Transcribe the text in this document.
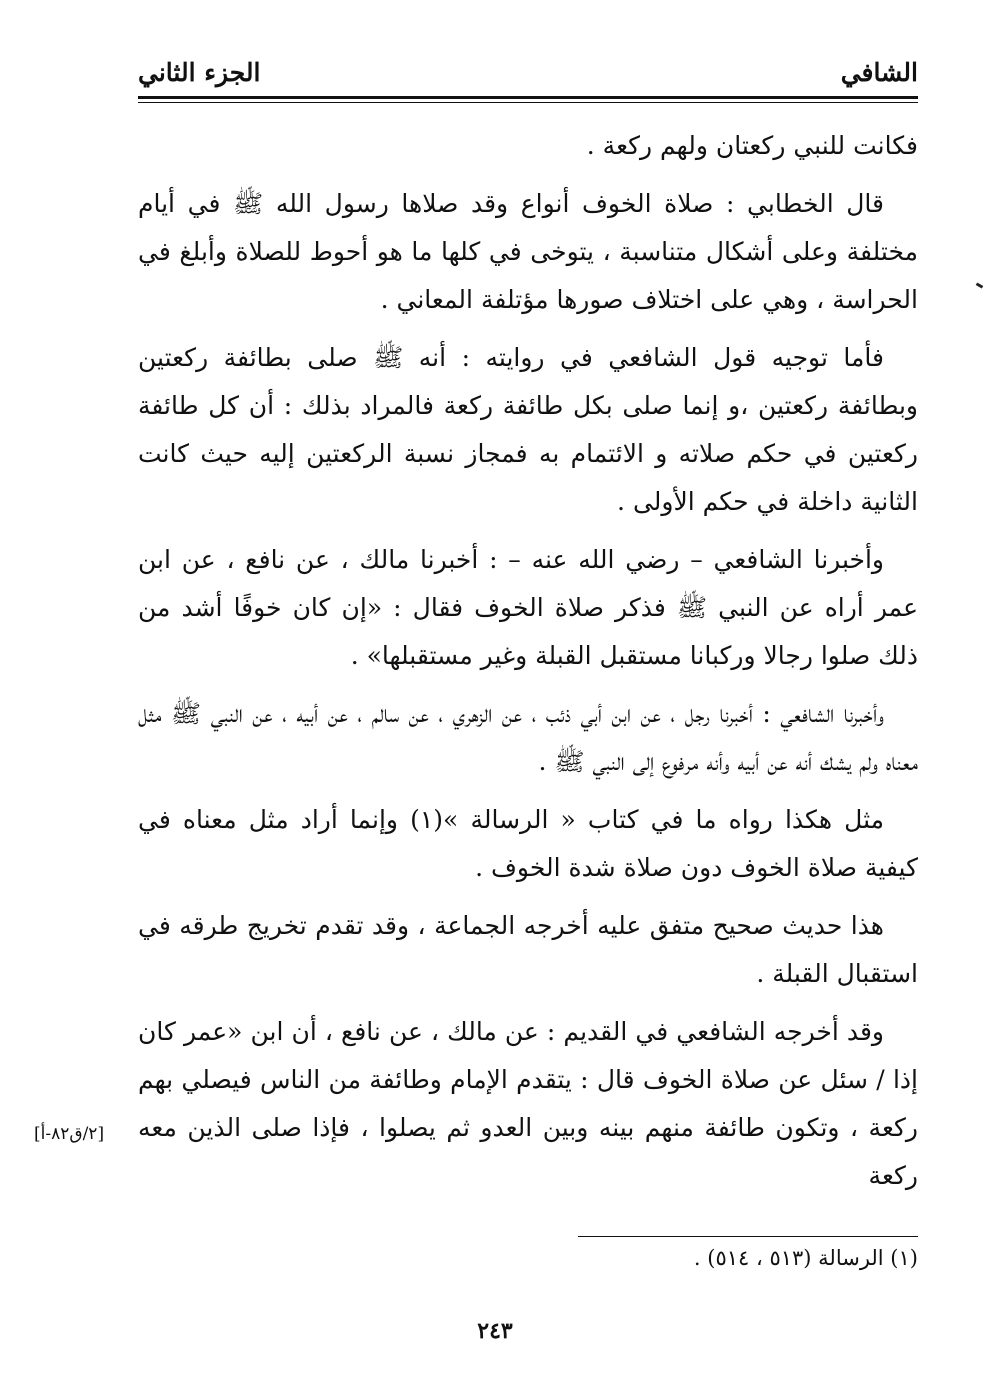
الشافي
الجزء الثاني

فكانت للنبي ركعتان ولهم ركعة .

قال الخطابي : صلاة الخوف أنواع وقد صلاها رسول الله ﷺ في أيام مختلفة وعلى أشكال متناسبة ، يتوخى في كلها ما هو أحوط للصلاة وأبلغ في الحراسة ، وهي على اختلاف صورها مؤتلفة المعاني .

فأما توجيه قول الشافعي في روايته : أنه ﷺ صلى بطائفة ركعتين وبطائفة ركعتين ،و إنما صلى بكل طائفة ركعة فالمراد بذلك : أن كل طائفة ركعتين في حكم صلاته و الائتمام به فمجاز نسبة الركعتين إليه حيث كانت الثانية داخلة في حكم الأولى .

وأخبرنا الشافعي – رضي الله عنه – : أخبرنا مالك ، عن نافع ، عن ابن عمر أراه عن النبي ﷺ فذكر صلاة الخوف فقال : «إن كان خوفًا أشد من ذلك صلوا رجالا وركبانا مستقبل القبلة وغير مستقبلها» .

وأخبرنا الشافعي : أخبرنا رجل ، عن ابن أبي ذئب ، عن الزهري ، عن سالم ، عن أبيه ، عن النبي ﷺ مثل معناه ولم يشك أنه عن أبيه وأنه مرفوع إلى النبي ﷺ .

مثل هكذا رواه ما في كتاب « الرسالة »(١) وإنما أراد مثل معناه في كيفية صلاة الخوف دون صلاة شدة الخوف .

هذا حديث صحيح متفق عليه أخرجه الجماعة ، وقد تقدم تخريج طرقه في استقبال القبلة .

وقد أخرجه الشافعي في القديم : عن مالك ، عن نافع ، أن ابن «عمر كان إذا / سئل عن صلاة الخوف قال : يتقدم الإمام وطائفة من الناس فيصلي بهم ركعة ، وتكون طائفة منهم بينه وبين العدو ثم يصلوا ، فإذا صلى الذين معه ركعة

[٢/ق٨٢-أ]
(١) الرسالة (٥١٣ ، ٥١٤) .
٢٤٣
